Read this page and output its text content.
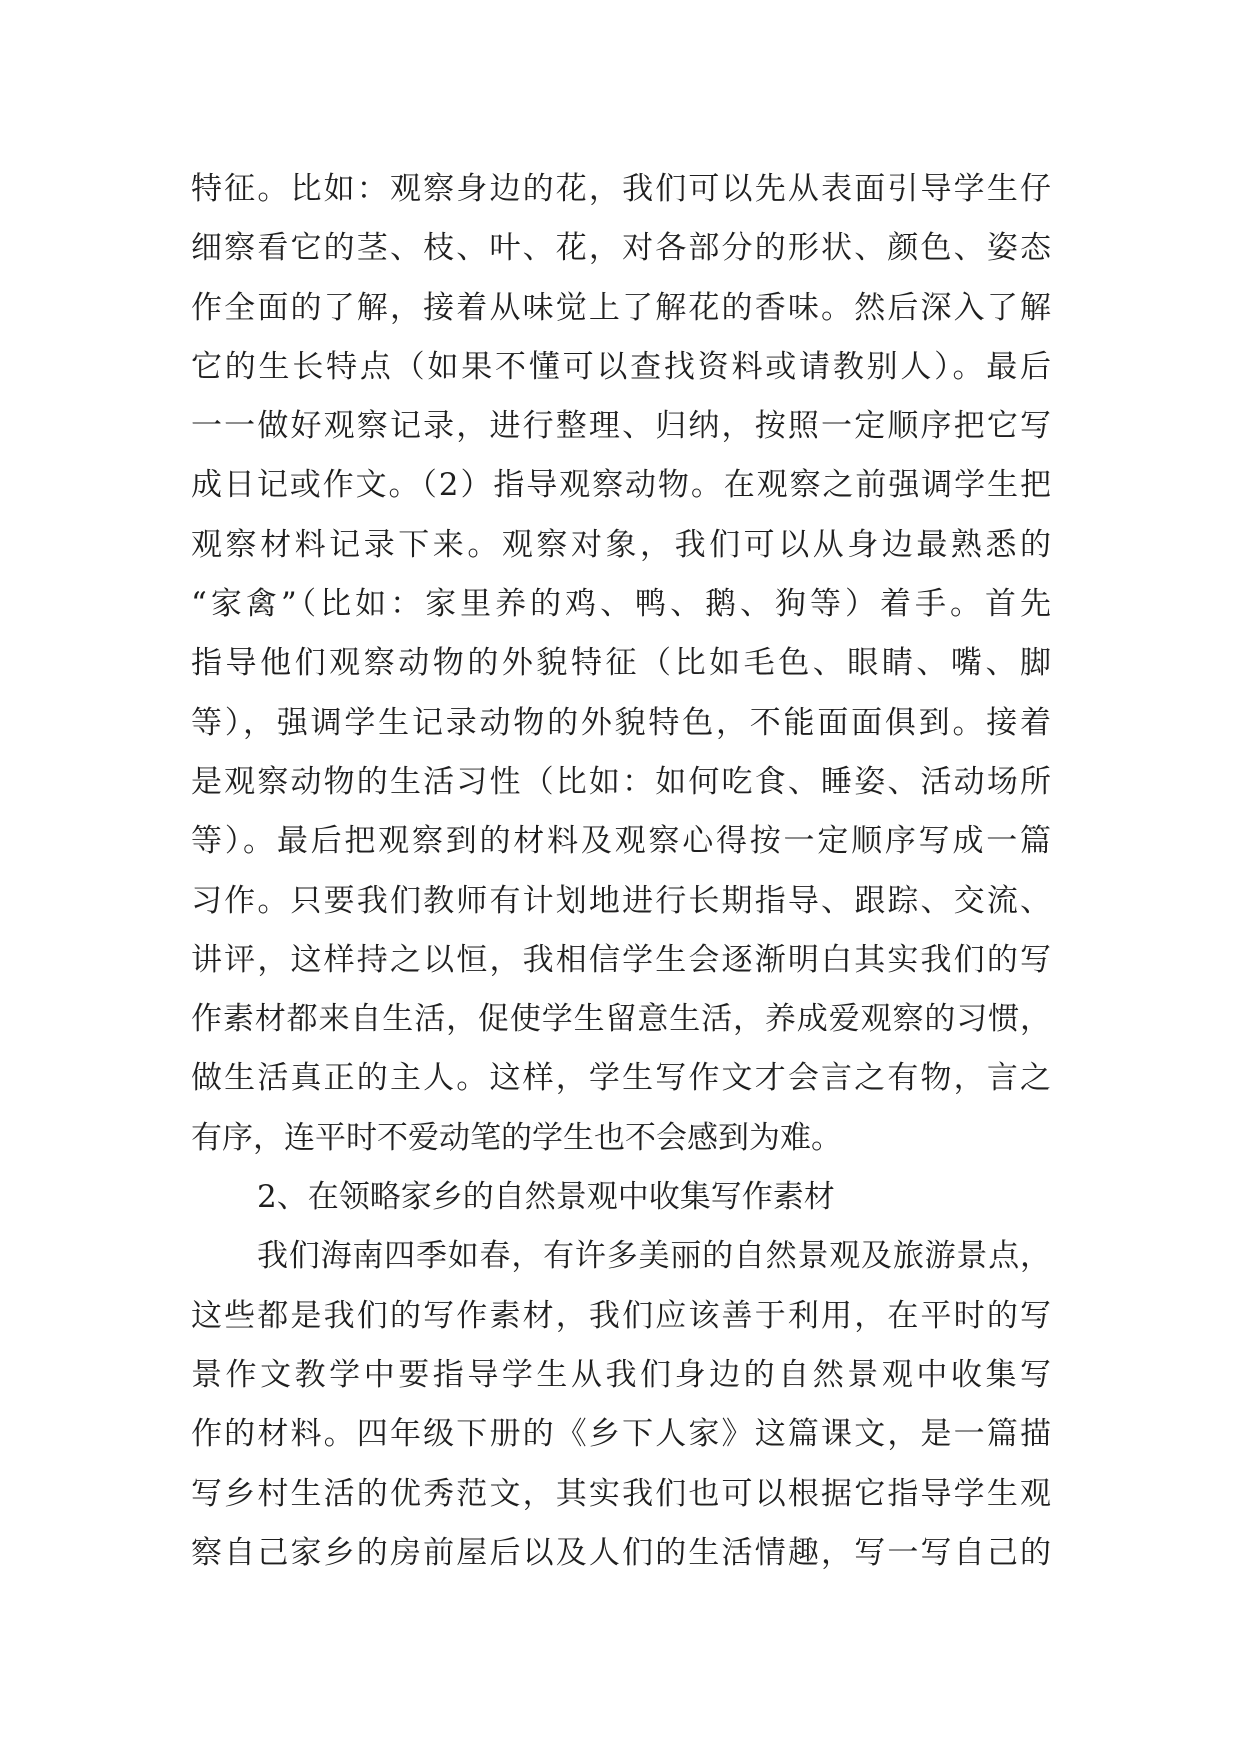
特征。比如：观察身边的花，我们可以先从表面引导学生仔
细察看它的茎、枝、叶、花，对各部分的形状、颜色、姿态
作全面的了解，接着从味觉上了解花的香味。然后深入了解
它的生长特点（如果不懂可以查找资料或请教别人）。最后
一一做好观察记录，进行整理、归纳，按照一定顺序把它写
成日记或作文。（2）指导观察动物。在观察之前强调学生把
观察材料记录下来。观察对象，我们可以从身边最熟悉的
“家禽”（比如：家里养的鸡、鸭、鹅、狗等）着手。首先
指导他们观察动物的外貌特征（比如毛色、眼睛、嘴、脚
等），强调学生记录动物的外貌特色，不能面面俱到。接着
是观察动物的生活习性（比如：如何吃食、睡姿、活动场所
等）。最后把观察到的材料及观察心得按一定顺序写成一篇
习作。只要我们教师有计划地进行长期指导、跟踪、交流、
讲评，这样持之以恒，我相信学生会逐渐明白其实我们的写
作素材都来自生活，促使学生留意生活，养成爱观察的习惯，
做生活真正的主人。这样，学生写作文才会言之有物，言之
有序，连平时不爱动笔的学生也不会感到为难。
2、在领略家乡的自然景观中收集写作素材
我们海南四季如春，有许多美丽的自然景观及旅游景点，
这些都是我们的写作素材，我们应该善于利用，在平时的写
景作文教学中要指导学生从我们身边的自然景观中收集写
作的材料。四年级下册的《乡下人家》这篇课文，是一篇描
写乡村生活的优秀范文，其实我们也可以根据它指导学生观
察自己家乡的房前屋后以及人们的生活情趣，写一写自己的
